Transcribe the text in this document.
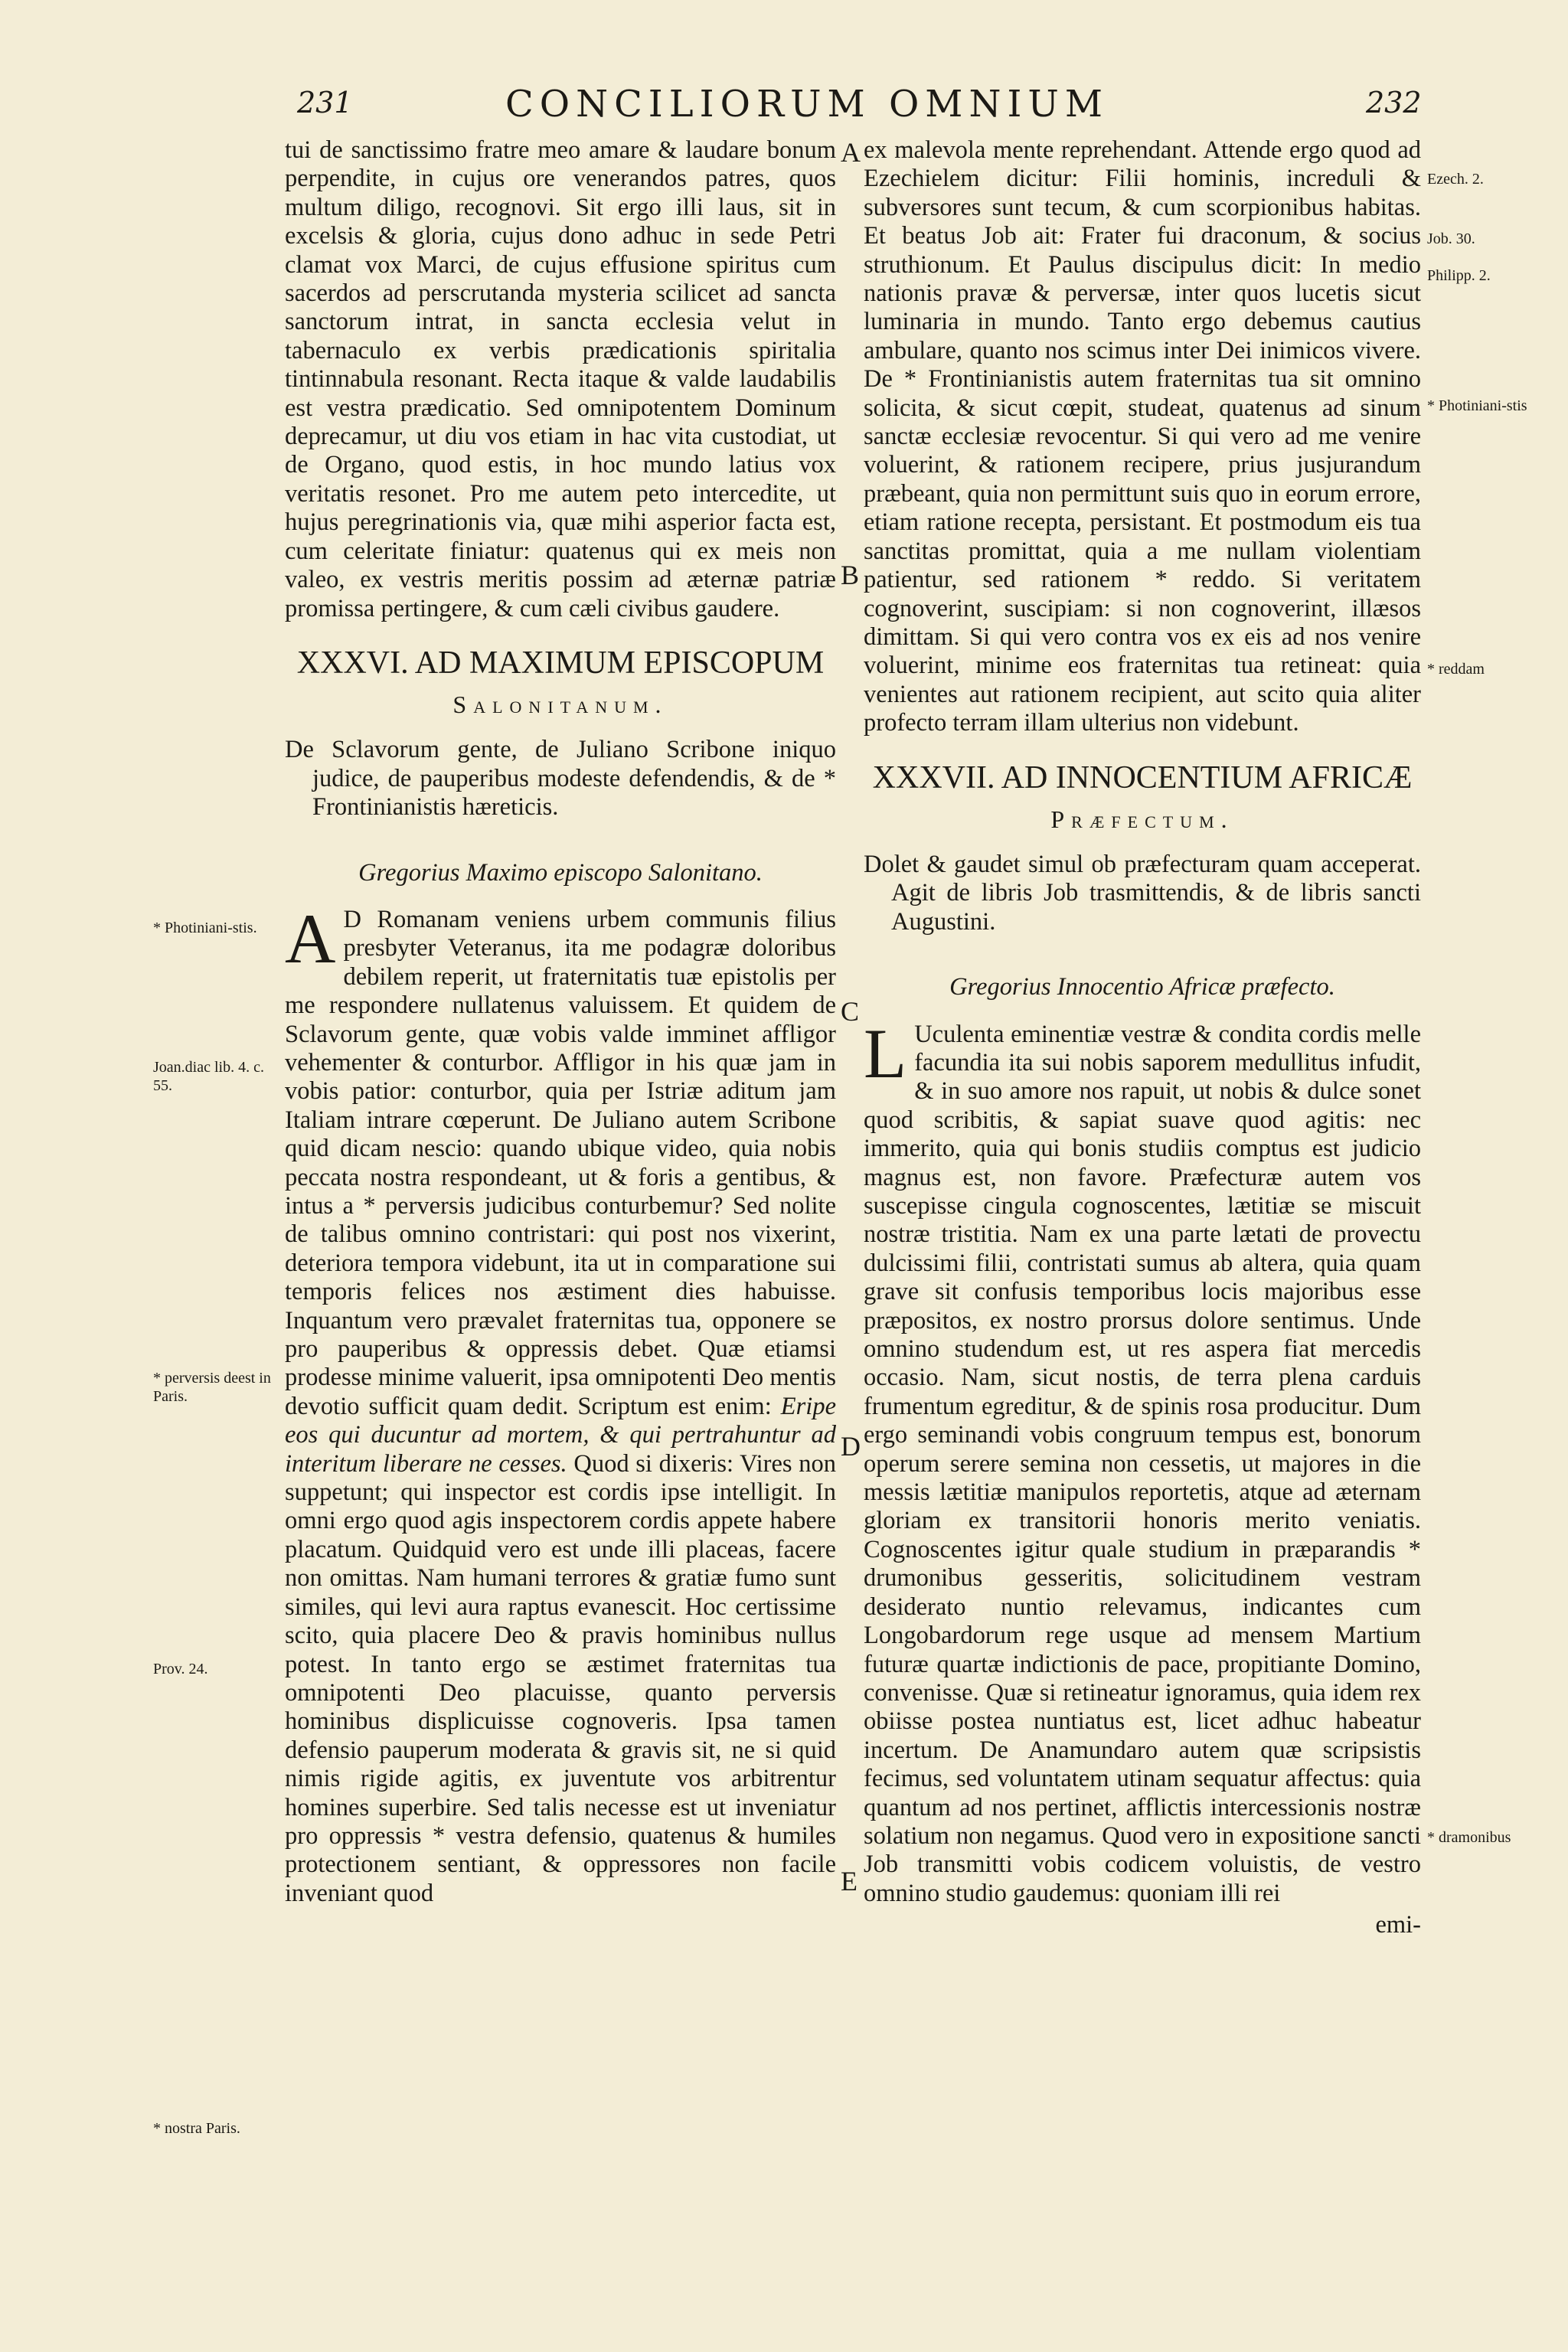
231	CONCILIORUM OMNIUM	232
A
B
C
D
E

tui de sanctissimo fratre meo amare & laudare bonum perpendite, in cujus ore venerandos patres, quos multum diligo, recognovi. Sit ergo illi laus, sit in excelsis & gloria, cujus dono adhuc in sede Petri clamat vox Marci, de cujus effusione spiritus cum sacerdos ad perscrutanda mysteria scilicet ad sancta sanctorum intrat, in sancta ecclesia velut in tabernaculo ex verbis prædicationis spiritalia tintinnabula resonant. Recta itaque & valde laudabilis est vestra prædicatio. Sed omnipotentem Dominum deprecamur, ut diu vos etiam in hac vita custodiat, ut de Organo, quod estis, in hoc mundo latius vox veritatis resonet. Pro me autem peto intercedite, ut hujus peregrinationis via, quæ mihi asperior facta est, cum celeritate finiatur: quatenus qui ex meis non valeo, ex vestris meritis possim ad æternæ patriæ promissa pertingere, & cum cæli civibus gaudere.

XXXVI. AD MAXIMUM EPISCOPUM
Salonitanum.

De Sclavorum gente, de Juliano Scribone iniquo judice, de pauperibus modeste defendendis, & de * Frontinianistis hæreticis.

Gregorius Maximo episcopo Salonitano.

A D Romanam veniens urbem communis filius presbyter Veteranus, ita me podagræ doloribus debilem reperit, ut fraternitatis tuæ epistolis per me respondere nullatenus valuissem. Et quidem de Sclavorum gente, quæ vobis valde imminet affligor vehementer & conturbor. Affligor in his quæ jam in vobis patior: conturbor, quia per Istriæ aditum jam Italiam intrare cœperunt. De Juliano autem Scribone quid dicam nescio: quando ubique video, quia nobis peccata nostra respondeant, ut & foris a gentibus, & intus a * perversis judicibus conturbemur? Sed nolite de talibus omnino contristari: qui post nos vixerint, deteriora tempora videbunt, ita ut in comparatione sui temporis felices nos æstiment dies habuisse. Inquantum vero prævalet fraternitas tua, opponere se pro pauperibus & oppressis debet. Quæ etiamsi prodesse minime valuerit, ipsa omnipotenti Deo mentis devotio sufficit quam dedit. Scriptum est enim: Eripe eos qui ducuntur ad mortem, & qui pertrahuntur ad interitum liberare ne cesses. Quod si dixeris: Vires non suppetunt; qui inspector est cordis ipse intelligit. In omni ergo quod agis inspectorem cordis appete habere placatum. Quidquid vero est unde illi placeas, facere non omittas. Nam humani terrores & gratiæ fumo sunt similes, qui levi aura raptus evanescit. Hoc certissime scito, quia placere Deo & pravis hominibus nullus potest. In tanto ergo se æstimet fraternitas tua omnipotenti Deo placuisse, quanto perversis hominibus displicuisse cognoveris. Ipsa tamen defensio pauperum moderata & gravis sit, ne si quid nimis rigide agitis, ex juventute vos arbitrentur homines superbire. Sed talis necesse est ut inveniatur pro oppressis * vestra defensio, quatenus & humiles protectionem sentiant, & oppressores non facile inveniant quod

ex malevola mente reprehendant. Attende ergo quod ad Ezechielem dicitur: Filii hominis, increduli & subversores sunt tecum, & cum scorpionibus habitas. Et beatus Job ait: Frater fui draconum, & socius struthionum. Et Paulus discipulus dicit: In medio nationis pravæ & perversæ, inter quos lucetis sicut luminaria in mundo. Tanto ergo debemus cautius ambulare, quanto nos scimus inter Dei inimicos vivere. De * Frontinianistis autem fraternitas tua sit omnino solicita, & sicut cœpit, studeat, quatenus ad sinum sanctæ ecclesiæ revocentur. Si qui vero ad me venire voluerint, & rationem recipere, prius jusjurandum præbeant, quia non permittunt suis quo in eorum errore, etiam ratione recepta, persistant. Et postmodum eis tua sanctitas promittat, quia a me nullam violentiam patientur, sed rationem * reddo. Si veritatem cognoverint, suscipiam: si non cognoverint, illæsos dimittam. Si qui vero contra vos ex eis ad nos venire voluerint, minime eos fraternitas tua retineat: quia venientes aut rationem recipient, aut scito quia aliter profecto terram illam ulterius non videbunt.

XXXVII. AD INNOCENTIUM AFRICÆ
Præfectum.

Dolet & gaudet simul ob præfecturam quam acceperat. Agit de libris Job trasmittendis, & de libris sancti Augustini.

Gregorius Innocentio Africæ præfecto.

L Uculenta eminentiæ vestræ & condita cordis melle facundia ita sui nobis saporem medullitus infudit, & in suo amore nos rapuit, ut nobis & dulce sonet quod scribitis, & sapiat suave quod agitis: nec immerito, quia qui bonis studiis comptus est judicio magnus est, non favore. Præfecturæ autem vos suscepisse cingula cognoscentes, lætitiæ se miscuit nostræ tristitia. Nam ex una parte lætati de provectu dulcissimi filii, contristati sumus ab altera, quia quam grave sit confusis temporibus locis majoribus esse præpositos, ex nostro prorsus dolore sentimus. Unde omnino studendum est, ut res aspera fiat mercedis occasio. Nam, sicut nostis, de terra plena carduis frumentum egreditur, & de spinis rosa producitur. Dum ergo seminandi vobis congruum tempus est, bonorum operum serere semina non cessetis, ut majores in die messis lætitiæ manipulos reportetis, atque ad æternam gloriam ex transitorii honoris merito veniatis. Cognoscentes igitur quale studium in præparandis * drumonibus gesseritis, solicitudinem vestram desiderato nuntio relevamus, indicantes cum Longobardorum rege usque ad mensem Martium futuræ quartæ indictionis de pace, propitiante Domino, convenisse. Quæ si retineatur ignoramus, quia idem rex obiisse postea nuntiatus est, licet adhuc habeatur incertum. De Anamundaro autem quæ scripsistis fecimus, sed voluntatem utinam sequatur affectus: quia quantum ad nos pertinet, afflictis intercessionis nostræ solatium non negamus. Quod vero in expositione sancti Job transmitti vobis codicem voluistis, de vestro omnino studio gaudemus: quoniam illi rei

emi-

* Photiniani-stis.
Joan.diac lib. 4. c. 55.
* perversis deest in Paris.
Prov. 24.
* nostra Paris.
Ezech. 2.
Job. 30.
Philipp. 2.
* Photiniani-stis
* reddam
* dramonibus
